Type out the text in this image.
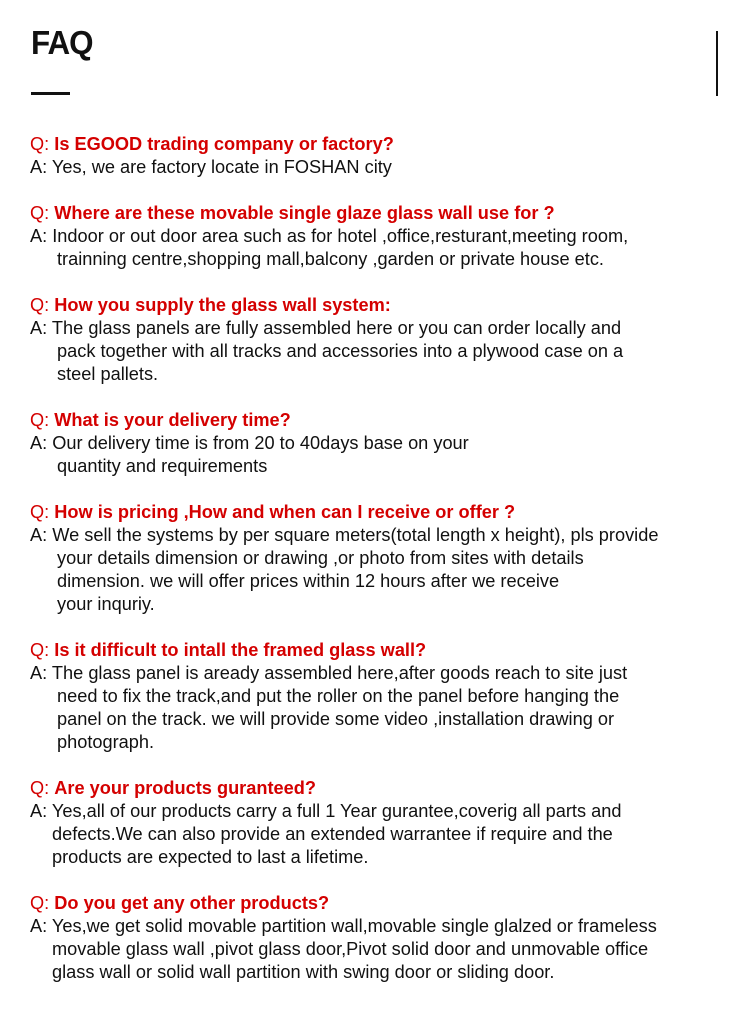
FAQ

Q: Is EGOOD trading company or factory?

A: Yes, we are factory locate in FOSHAN city

Q: Where are these movable single glaze glass wall use for ?

A: Indoor or out door area such as for hotel ,office,resturant,meeting room,
trainning centre,shopping mall,balcony ,garden or private house etc.

Q: How you supply the glass wall system:

A: The glass panels are fully assembled here or you can order locally and
pack together with all tracks and accessories into a plywood case on a
steel pallets.

Q: What is your delivery time?

A: Our delivery time is from 20 to 40days base on your
quantity and requirements

Q: How is pricing ,How and when can I receive or offer ?

A: We sell the systems by per square meters(total length x height), pls provide
your details dimension or drawing ,or photo from sites with details
dimension. we will offer prices within 12 hours after we receive
your inquriy.

Q: Is it difficult to intall the framed glass wall?

A: The glass panel is aready assembled here,after goods reach to site just
need to fix the track,and put the roller on the panel before hanging the
panel on the track. we will provide some video ,installation drawing or
photograph.

Q: Are your products guranteed?

A: Yes,all of our products carry a full 1 Year gurantee,coverig all parts and
defects.We can also provide an extended warrantee if require and the
products are expected to last a lifetime.

Q: Do you get any other products?

A: Yes,we get solid movable partition wall,movable single glalzed or frameless
movable glass wall ,pivot glass door,Pivot solid door and unmovable office
glass wall or solid wall partition with swing door or sliding door.
